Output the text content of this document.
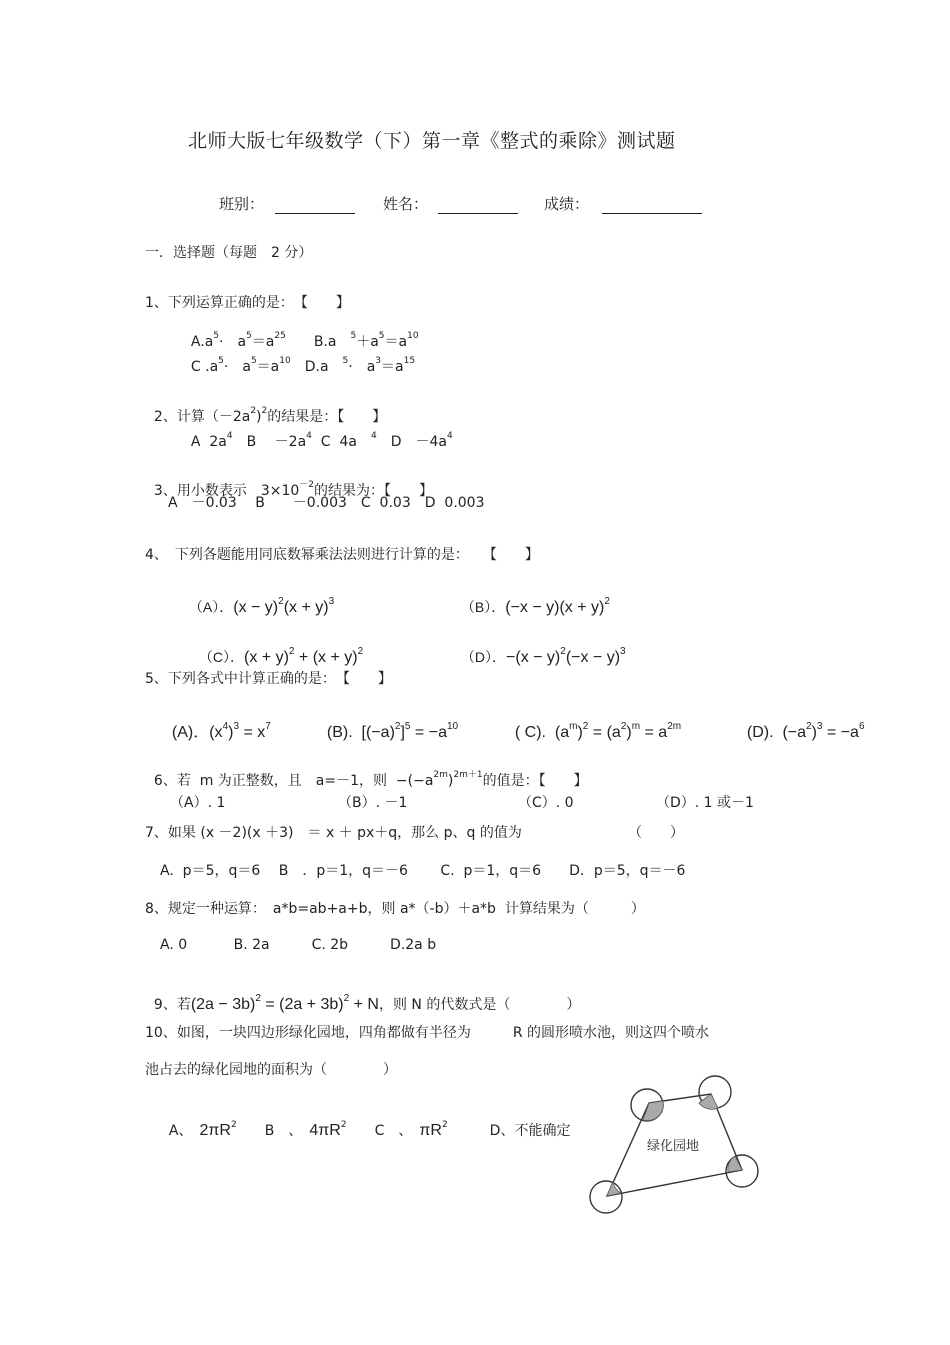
北师大版七年级数学（下）第一章《整式的乘除》测试题
班别：	姓名：	成绩：
一．选择题（每题　2 分）
1、下列运算正确的是：　【　　】

$A.a^5\cdot$　$a^5=a^{25}$　　 B.a　 $^5+a^5=a^{10}$

C $.a^5\cdot$　$a^5=a^{10}$　 D.a　 $^5$·　$a^3=a^{15}$

2、计算$(-2a^2)^2$的结果是：【　　】

A  $2a^4$　 B　 $-2a^4$ C  4a　 $^4$　 D　$-4a^4$

3、用小数表示　$3\times 10^{-2}$的结果为：【　　】

A　－0.03　 B　　－0.003　C  0.03　D  0.003
4、　下列各题能用同底数幂乘法法则进行计算的是：　　【　　】

（A）．$(x - y)^2(x + y)^3$	（B）．$(-x - y)(x + y)^2$

（C）．$(x + y)^2 + (x + y)^2$	（D）．$-(x - y)^2(-x - y)^3$

5、下列各式中计算正确的是：　【　　】

(A)．$(x^4)^3 = x^7$	(B).  $[(-a)^2]^5 = -a^{10}$	( C).  $(a^m)^2 = (a^2)^m = a^{2m}$	(D).  $(-a^2)^3 = -a^6$

6、若  m 为正整数，且　a=－1，则  $-(-a^{2m})^{2m+1}$的值是：【　　】

（A）. 1	（B）. －1	（C）. 0	（D）. 1 或－1
7、如果 (x －2)(x ＋3)　＝ x ＋ px＋q，那么 p、q 的值为	（　　）
A.  p＝5，q＝6　 B　．p＝1，q＝－6　　 C.  p＝1，q＝6　　D．p＝5，q＝－6
8、规定一种运算：　a*b=ab+a+b，则 a*（-b）＋a*b  计算结果为（　　　）
A. 0　　　 B. 2a　　　C. 2b　　　D.2a b

9、若$(2a - 3b)^2 = (2a + 3b)^2 + N$，则 N 的代数式是（　　　　）

10、如图，一块四边形绿化园地，四角都做有半径为　　　R 的圆形喷水池，则这四个喷水
池占去的绿化园地的面积为（　　　　）

A、　 $2\pi R^2$　　 B　、　 $4\pi R^2$　　 C　、　 $\pi R^2$　　　	D、不能确定

绿化园地
